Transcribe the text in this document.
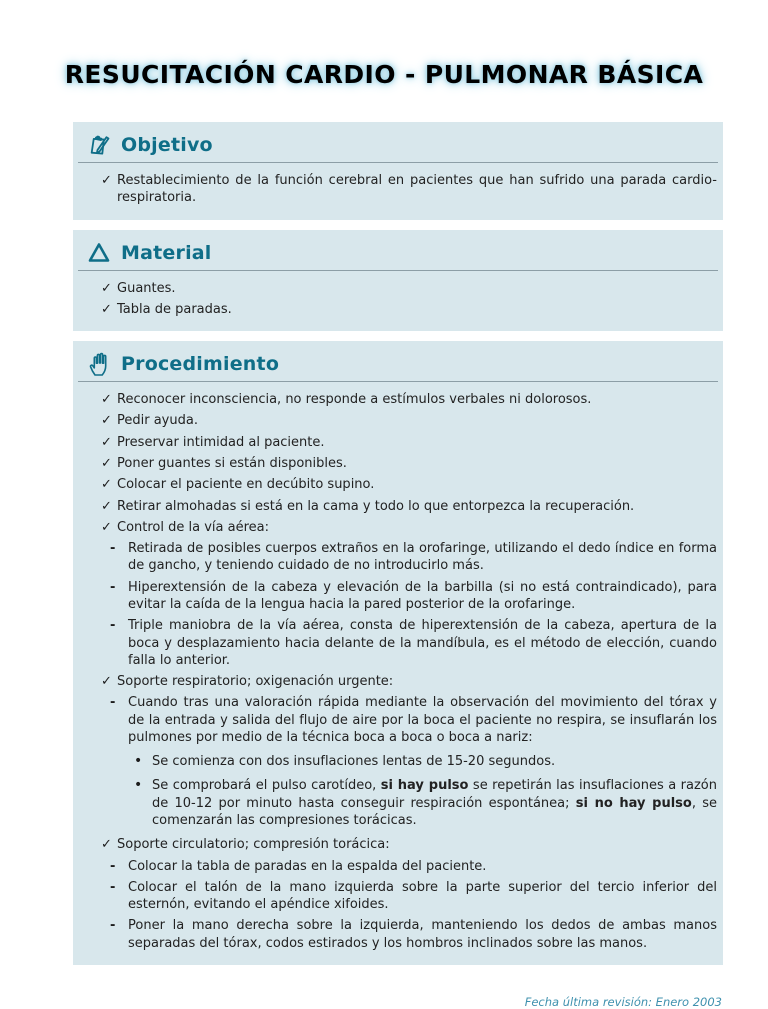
RESUCITACIÓN CARDIO - PULMONAR BÁSICA
Objetivo
✓ Restablecimiento de la función cerebral en pacientes que han sufrido una parada cardio-respiratoria.
Material
✓ Guantes.
✓ Tabla de paradas.
Procedimiento
✓ Reconocer inconsciencia, no responde a estímulos verbales ni dolorosos.
✓ Pedir ayuda.
✓ Preservar intimidad al paciente.
✓ Poner guantes si están disponibles.
✓ Colocar el paciente en decúbito supino.
✓ Retirar almohadas si está en la cama y todo lo que entorpezca la recuperación.
✓ Control de la vía aérea:
- Retirada de posibles cuerpos extraños en la orofaringe, utilizando el dedo índice en forma de gancho, y teniendo cuidado de no introducirlo más.
- Hiperextensión de la cabeza y elevación de la barbilla (si no está contraindicado), para evitar la caída de la lengua hacia la pared posterior de la orofaringe.
- Triple maniobra de la vía aérea, consta de hiperextensión de la cabeza, apertura de la boca y desplazamiento hacia delante de la mandíbula, es el método de elección, cuando falla lo anterior.
✓ Soporte respiratorio; oxigenación urgente:
- Cuando tras una valoración rápida mediante la observación del movimiento del tórax y de la entrada y salida del flujo de aire por la boca el paciente no respira, se insuflarán los pulmones por medio de la técnica boca a boca o boca a nariz:
• Se comienza con dos insuflaciones lentas de 15-20 segundos.
• Se comprobará el pulso carotídeo, si hay pulso se repetirán las insuflaciones a razón de 10-12 por minuto hasta conseguir respiración espontánea; si no hay pulso, se comenzarán las compresiones torácicas.
✓ Soporte circulatorio; compresión torácica:
- Colocar la tabla de paradas en la espalda del paciente.
- Colocar el talón de la mano izquierda sobre la parte superior del tercio inferior del esternón, evitando el apéndice xifoides.
- Poner la mano derecha sobre la izquierda, manteniendo los dedos de ambas manos separadas del tórax, codos estirados y los hombros inclinados sobre las manos.
Fecha última revisión: Enero 2003
